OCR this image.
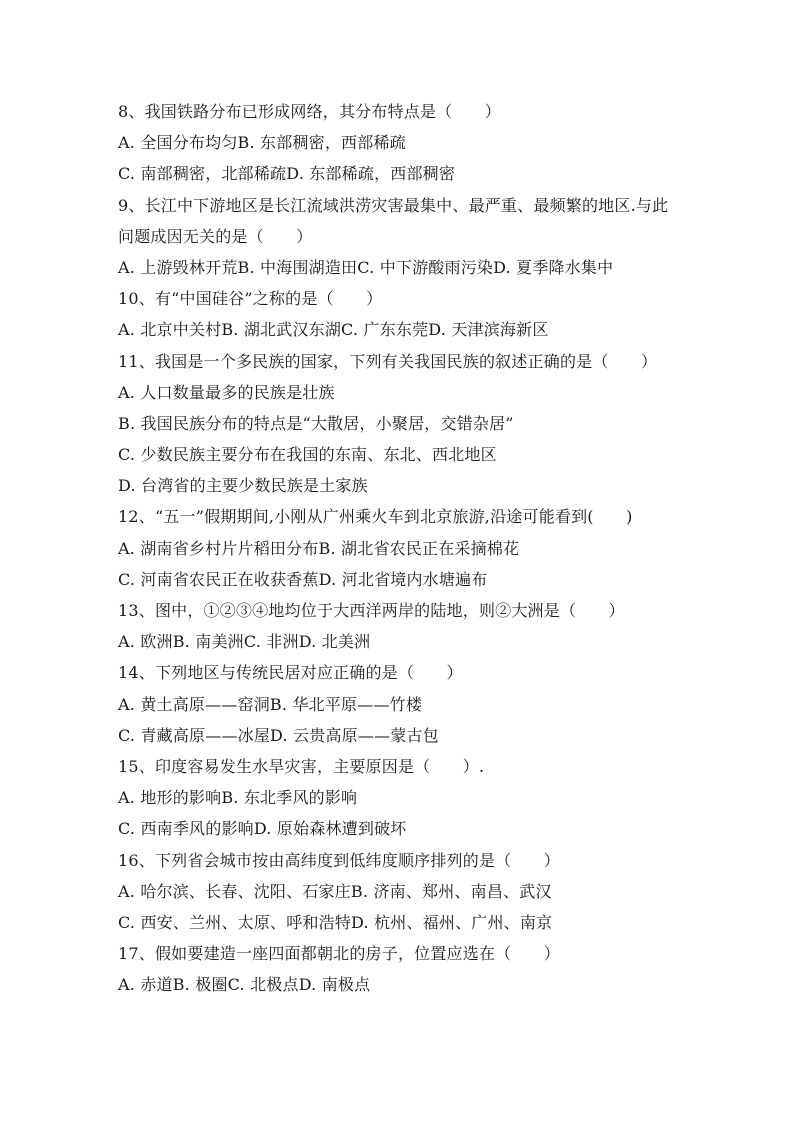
8、我国铁路分布已形成网络，其分布特点是（　　）
A. 全国分布均匀B. 东部稠密，西部稀疏
C. 南部稠密，北部稀疏D. 东部稀疏，西部稠密
9、长江中下游地区是长江流域洪涝灾害最集中、最严重、最频繁的地区.与此
问题成因无关的是（　　）
A. 上游毁林开荒B. 中海围湖造田C. 中下游酸雨污染D. 夏季降水集中
10、有“中国硅谷”之称的是（　　）
A. 北京中关村B. 湖北武汉东湖C. 广东东莞D. 天津滨海新区
11、我国是一个多民族的国家，下列有关我国民族的叙述正确的是（　　）
A. 人口数量最多的民族是壮族
B. 我国民族分布的特点是“大散居，小聚居，交错杂居”
C. 少数民族主要分布在我国的东南、东北、西北地区
D. 台湾省的主要少数民族是土家族
12、“五一”假期期间,小刚从广州乘火车到北京旅游,沿途可能看到(　　)
A. 湖南省乡村片片稻田分布B. 湖北省农民正在采摘棉花
C. 河南省农民正在收获香蕉D. 河北省境内水塘遍布
13、图中，①②③④地均位于大西洋两岸的陆地，则②大洲是（　　）
A. 欧洲B. 南美洲C. 非洲D. 北美洲
14、下列地区与传统民居对应正确的是（　　）
A. 黄土高原——窑洞B. 华北平原——竹楼
C. 青藏高原——冰屋D. 云贵高原——蒙古包
15、印度容易发生水旱灾害，主要原因是（　　）.
A. 地形的影响B. 东北季风的影响
C. 西南季风的影响D. 原始森林遭到破坏
16、下列省会城市按由高纬度到低纬度顺序排列的是（　　）
A. 哈尔滨、长春、沈阳、石家庄B. 济南、郑州、南昌、武汉
C. 西安、兰州、太原、呼和浩特D. 杭州、福州、广州、南京
17、假如要建造一座四面都朝北的房子，位置应选在（　　）
A. 赤道B. 极圈C. 北极点D. 南极点
